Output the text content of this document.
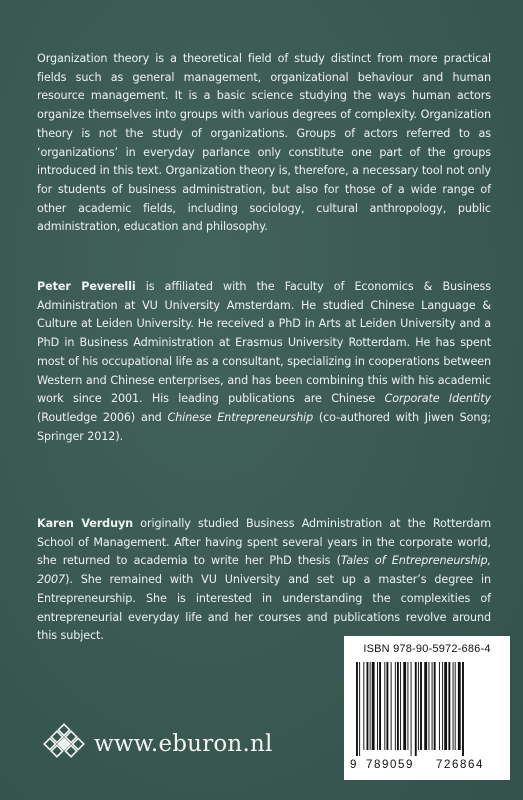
Organization theory is a theoretical field of study distinct from more practical fields such as general management, organizational behaviour and human resource management. It is a basic science studying the ways human actors organize themselves into groups with various degrees of complexity. Organization theory is not the study of organizations. Groups of actors referred to as ‘organizations’ in everyday parlance only constitute one part of the groups introduced in this text. Organization theory is, therefore, a necessary tool not only for students of business administration, but also for those of a wide range of other academic fields, including sociology, cultural anthropology, public administration, education and philosophy.

Peter Peverelli is affiliated with the Faculty of Economics & Business Administration at VU University Amsterdam. He studied Chinese Language & Culture at Leiden University. He received a PhD in Arts at Leiden University and a PhD in Business Administration at Erasmus University Rotterdam. He has spent most of his occupational life as a consultant, specializing in cooperations between Western and Chinese enterprises, and has been combining this with his academic work since 2001. His leading publications are Chinese Corporate Identity (Routledge 2006) and Chinese Entrepreneurship (co-authored with Jiwen Song; Springer 2012).

Karen Verduyn originally studied Business Administration at the Rotterdam School of Management. After having spent several years in the corporate world, she returned to academia to write her PhD thesis (Tales of Entrepreneurship, 2007). She remained with VU University and set up a master’s degree in Entrepreneurship. She is interested in understanding the complexities of entrepreneurial everyday life and her courses and publications revolve around this subject.

ISBN 978-90-5972-686-4
9 789059 726864
www.eburon.nl
